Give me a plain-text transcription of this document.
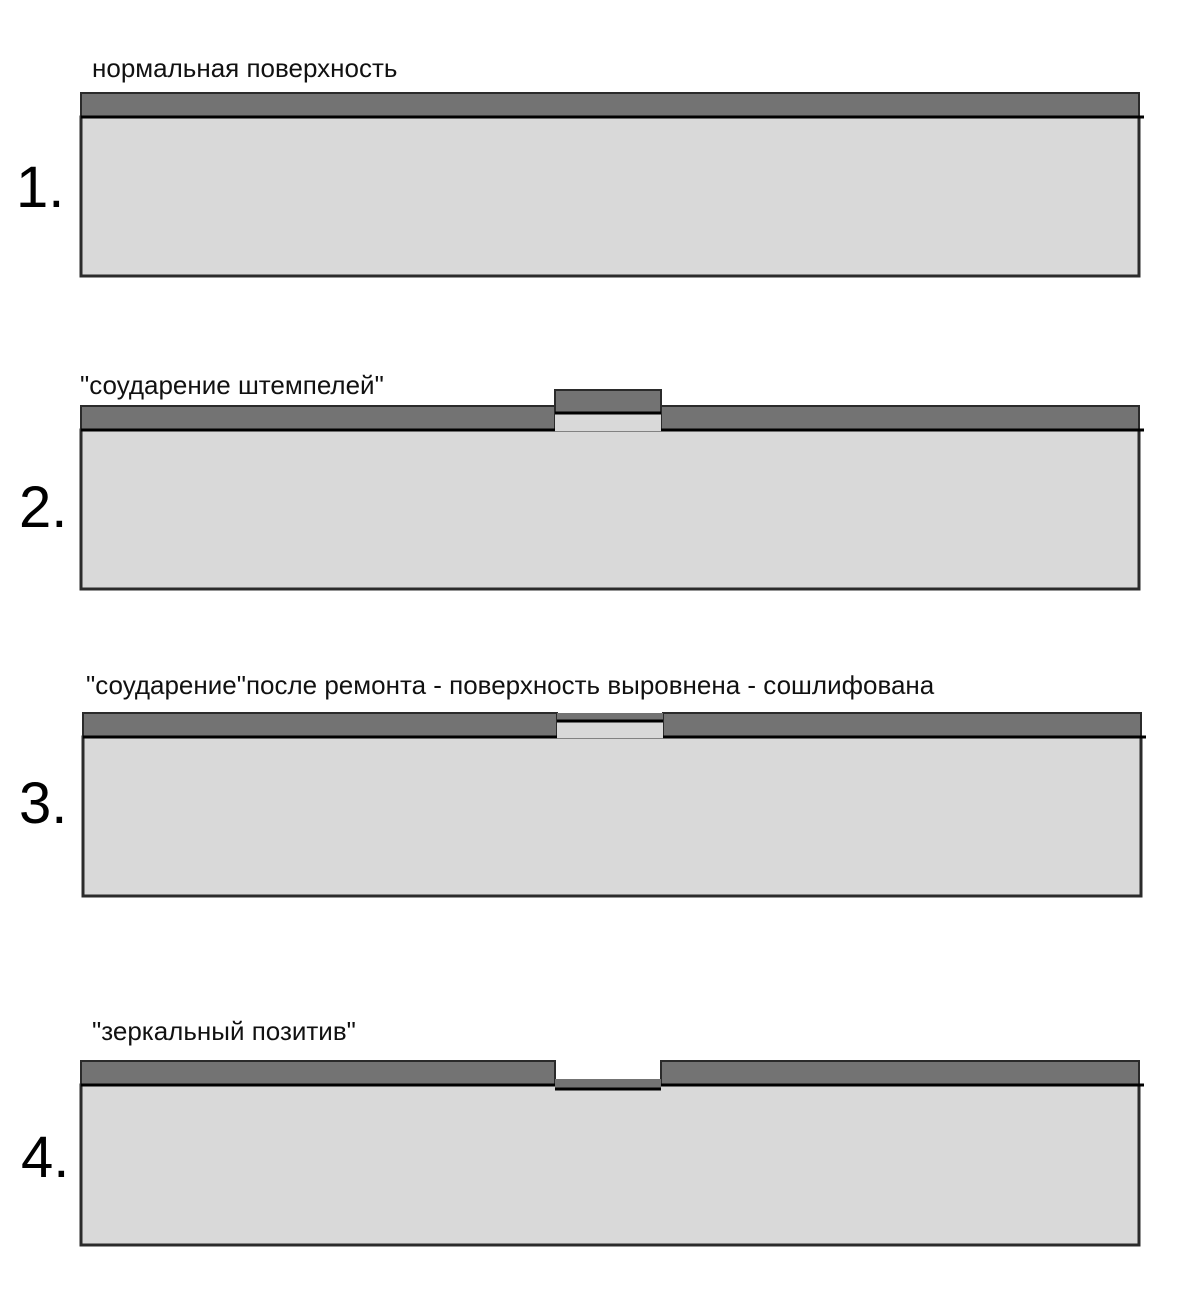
нормальная поверхность
"соударение штемпелей"
"соударение"после ремонта - поверхность выровнена - сошлифована
"зеркальный позитив"
1.
2.
3.
4.
